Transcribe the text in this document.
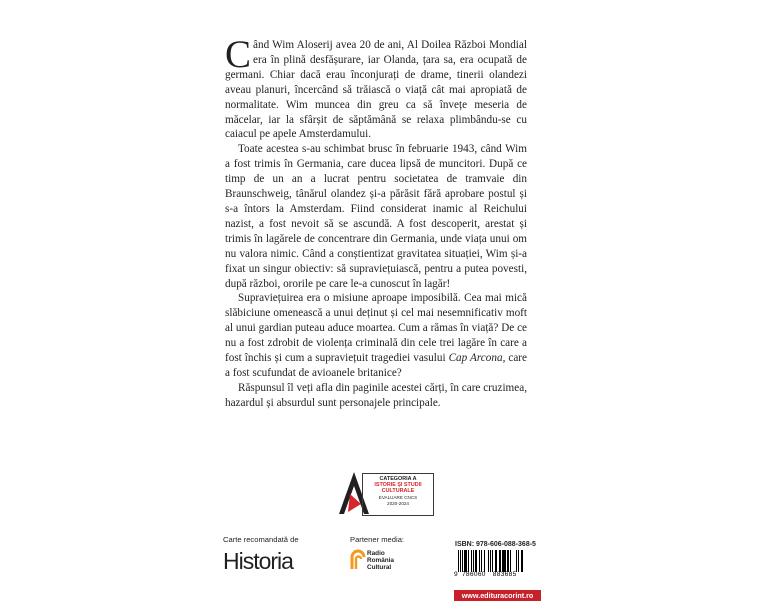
Când Wim Aloserij avea 20 de ani, Al Doilea Război Mondial era în plină desfășurare, iar Olanda, țara sa, era ocupată de germani. Chiar dacă erau înconjurați de drame, tinerii olandezi aveau planuri, încercând să trăiască o viață cât mai apropiată de normalitate. Wim muncea din greu ca să învețe meseria de măcelar, iar la sfârșit de săptămână se relaxa plimbându-se cu caiacul pe apele Amsterdamului.

Toate acestea s-au schimbat brusc în februarie 1943, când Wim a fost trimis în Germania, care ducea lipsă de muncitori. După ce timp de un an a lucrat pentru societatea de tramvaie din Braunschweig, tânărul olandez și-a părăsit fără aprobare postul și s-a întors la Amsterdam. Fiind considerat inamic al Reichului nazist, a fost nevoit să se ascundă. A fost descoperit, arestat și trimis în lagărele de concentrare din Germania, unde viața unui om nu valora nimic. Când a conștientizat gravitatea situației, Wim și-a fixat un singur obiectiv: să supraviețuiască, pentru a putea povesti, după război, ororile pe care le-a cunoscut în lagăr!

Supraviețuirea era o misiune aproape imposibilă. Cea mai mică slăbiciune omenească a unui deținut și cel mai nesemnificativ moft al unui gardian puteau aduce moartea. Cum a rămas în viață? De ce nu a fost zdrobit de violența criminală din cele trei lagăre în care a fost închis și cum a supraviețuit tragediei vasului Cap Arcona, care a fost scufundat de avioanele britanice?

Răspunsul îl veți afla din paginile acestei cărți, în care cruzimea, hazardul și absurdul sunt personajele principale.

CATEGORIA A
ISTORIE ȘI STUDII
CULTURALE
EVALUARE CNCS
2020-2024
Carte recomandată de
Historia
Partener media:
Radio
România
Cultural
ISBN: 978-606-088-368-5
9 786060 883685
www.edituracorint.ro
